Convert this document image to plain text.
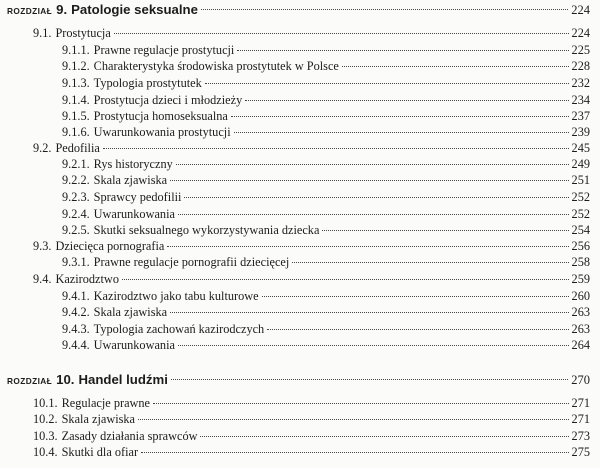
ROZDZIAŁ 9. Patologie seksualne	224
9.1. Prostytucja	224
9.1.1. Prawne regulacje prostytucji	225
9.1.2. Charakterystyka środowiska prostytutek w Polsce	228
9.1.3. Typologia prostytutek	232
9.1.4. Prostytucja dzieci i młodzieży	234
9.1.5. Prostytucja homoseksualna	237
9.1.6. Uwarunkowania prostytucji	239
9.2. Pedofilia	245
9.2.1. Rys historyczny	249
9.2.2. Skala zjawiska	251
9.2.3. Sprawcy pedofilii	252
9.2.4. Uwarunkowania	252
9.2.5. Skutki seksualnego wykorzystywania dziecka	254
9.3. Dziecięca pornografia	256
9.3.1. Prawne regulacje pornografii dziecięcej	258
9.4. Kazirodztwo	259
9.4.1. Kazirodztwo jako tabu kulturowe	260
9.4.2. Skala zjawiska	263
9.4.3. Typologia zachowań kazirodczych	263
9.4.4. Uwarunkowania	264
ROZDZIAŁ 10. Handel ludźmi	270
10.1. Regulacje prawne	271
10.2. Skala zjawiska	271
10.3. Zasady działania sprawców	273
10.4. Skutki dla ofiar	275
